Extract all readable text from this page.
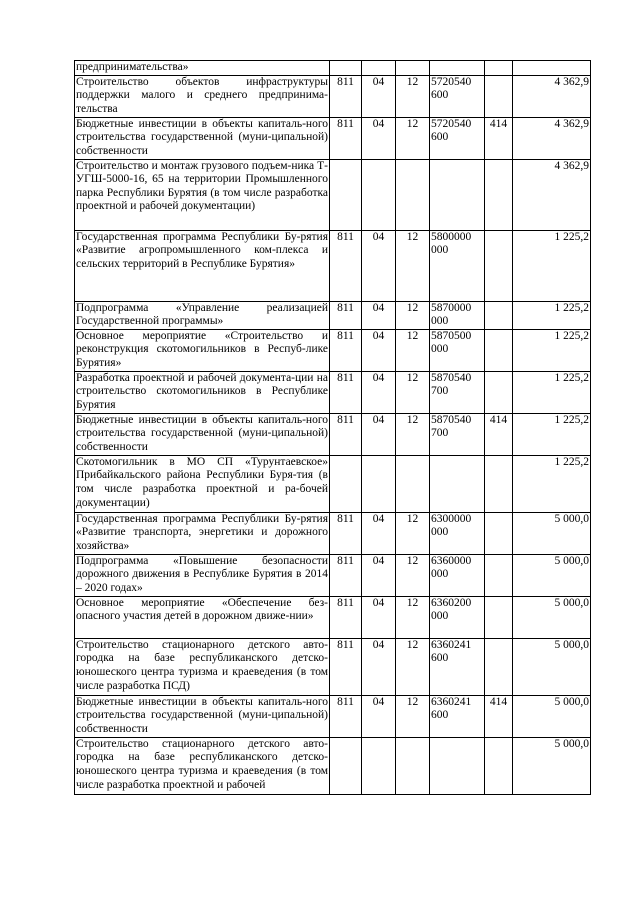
предпринимательства»						
Строительство объектов инфраструктуры поддержки малого и среднего предпринима-тельства	811	04	12	5720540 600		4 362,9
Бюджетные инвестиции в объекты капиталь-ного строительства государственной (муни-ципальной) собственности	811	04	12	5720540 600	414	4 362,9
Строительство и монтаж грузового подъем-ника Т-УГШ-5000-16, 65 на территории Промышленного парка Республики Бурятия (в том числе разработка проектной и рабочей документации)						4 362,9
Государственная программа Республики Бу-рятия «Развитие агропромышленного ком-плекса и сельских территорий в Республике Бурятия»	811	04	12	5800000 000		1 225,2
Подпрограмма «Управление реализацией Государственной программы»	811	04	12	5870000 000		1 225,2
Основное мероприятие «Строительство и реконструкция скотомогильников в Респуб-лике Бурятия»	811	04	12	5870500 000		1 225,2
Разработка проектной и рабочей документа-ции на строительство скотомогильников в Республике Бурятия	811	04	12	5870540 700		1 225,2
Бюджетные инвестиции в объекты капиталь-ного строительства государственной (муни-ципальной) собственности	811	04	12	5870540 700	414	1 225,2
Скотомогильник в МО СП «Турунтаевское» Прибайкальского района Республики Буря-тия (в том числе разработка проектной и ра-бочей документации)						1 225,2
Государственная программа Республики Бу-рятия «Развитие транспорта, энергетики и дорожного хозяйства»	811	04	12	6300000 000		5 000,0
Подпрограмма «Повышение безопасности дорожного движения в Республике Бурятия в 2014 – 2020 годах»	811	04	12	6360000 000		5 000,0
Основное мероприятие «Обеспечение без-опасного участия детей в дорожном движе-нии»	811	04	12	6360200 000		5 000,0
Строительство стационарного детского авто-городка на базе республиканского детско-юношеского центра туризма и краеведения (в том числе разработка ПСД)	811	04	12	6360241 600		5 000,0
Бюджетные инвестиции в объекты капиталь-ного строительства государственной (муни-ципальной) собственности	811	04	12	6360241 600	414	5 000,0
Строительство стационарного детского авто-городка на базе республиканского детско-юношеского центра туризма и краеведения (в том числе разработка проектной и рабочей						5 000,0
